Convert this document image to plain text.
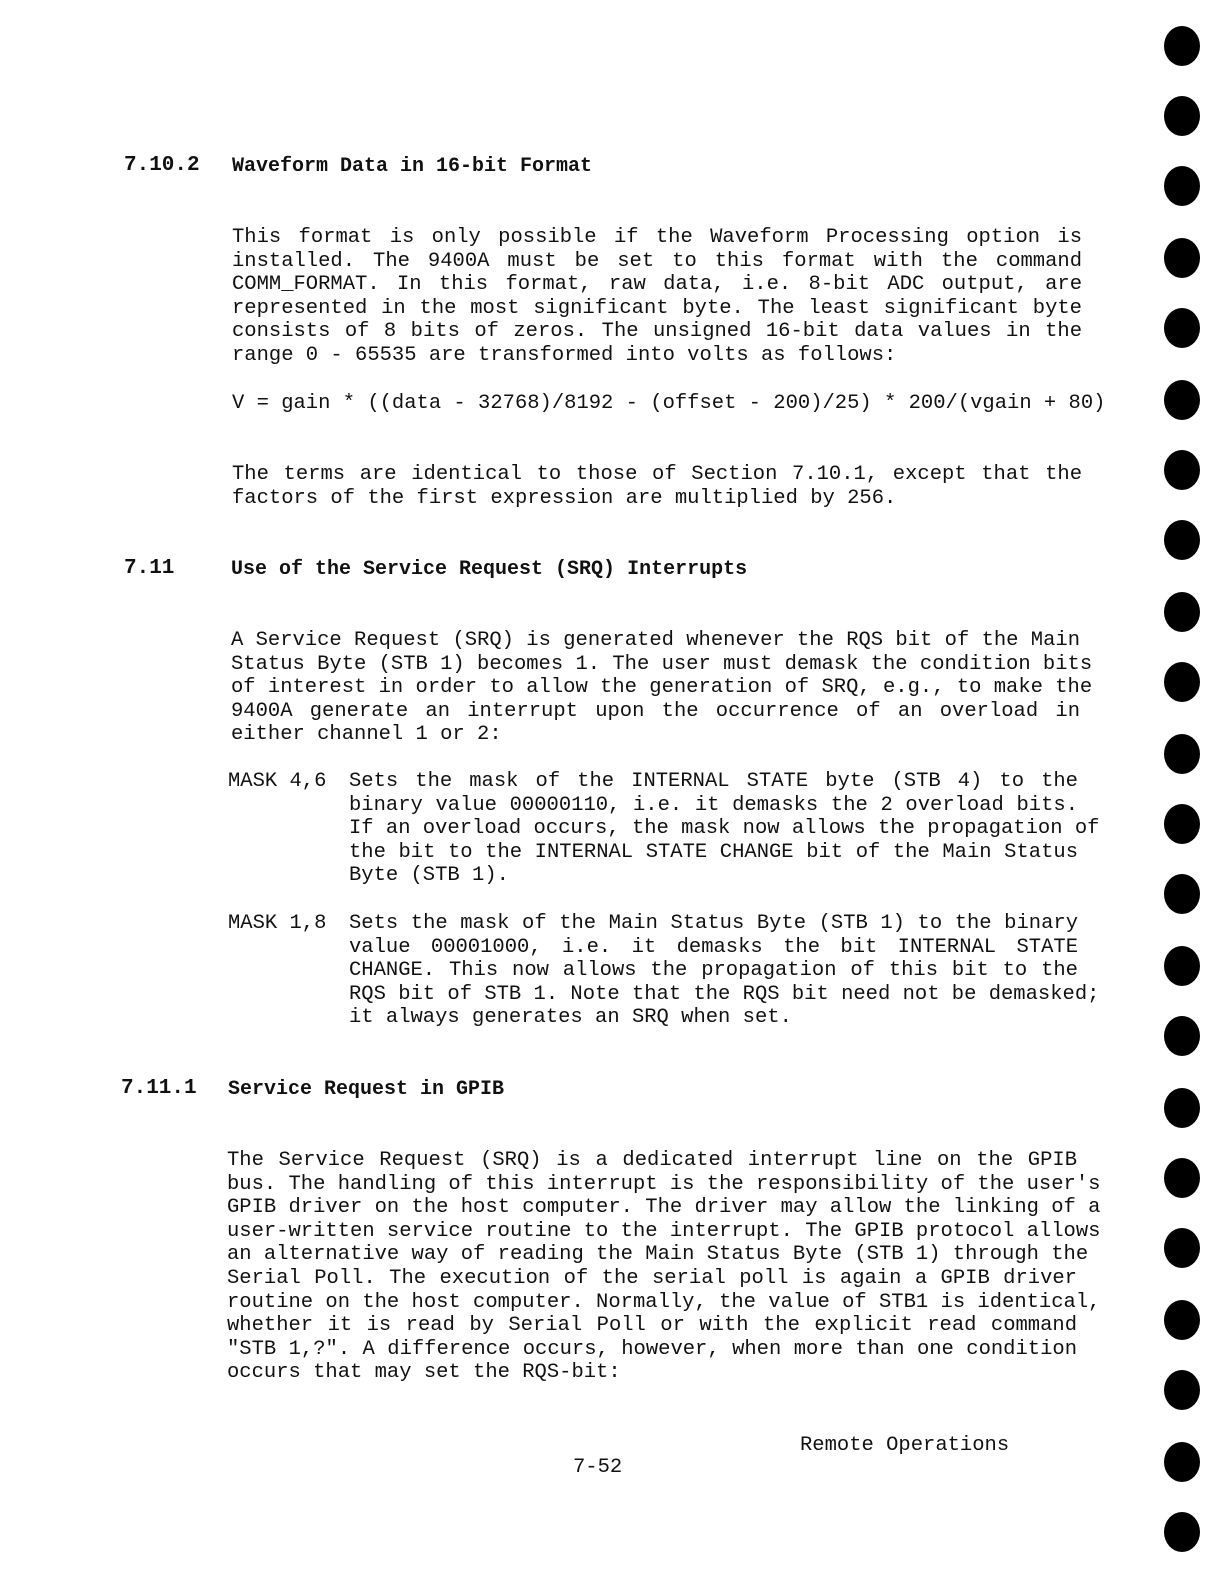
7.10.2 Waveform Data in 16-bit Format
This format is only possible if the Waveform Processing option is
installed. The 9400A must be set to this format with the command
COMM_FORMAT. In this format, raw data, i.e. 8-bit ADC output, are
represented in the most significant byte. The least significant byte
consists of 8 bits of zeros. The unsigned 16-bit data values in the
range 0 - 65535 are transformed into volts as follows:
V = gain * ((data - 32768)/8192 - (offset - 200)/25) * 200/(vgain + 80)
The terms are identical to those of Section 7.10.1, except that the
factors of the first expression are multiplied by 256.
7.11	Use of the Service Request (SRQ) Interrupts
A Service Request (SRQ) is generated whenever the RQS bit of the Main
Status Byte (STB 1) becomes 1. The user must demask the condition bits
of interest in order to allow the generation of SRQ, e.g., to make the
9400A generate an interrupt upon the occurrence of an overload in
either channel 1 or 2:
MASK 4,6 Sets the mask of the INTERNAL STATE byte (STB 4) to the
binary value 00000110, i.e. it demasks the 2 overload bits.
If an overload occurs, the mask now allows the propagation of
the bit to the INTERNAL STATE CHANGE bit of the Main Status
Byte (STB 1).
MASK 1,8 Sets the mask of the Main Status Byte (STB 1) to the binary
value 00001000, i.e. it demasks the bit INTERNAL STATE
CHANGE. This now allows the propagation of this bit to the
RQS bit of STB 1. Note that the RQS bit need not be demasked;
it always generates an SRQ when set.
7.11.1 Service Request in GPIB
The Service Request (SRQ) is a dedicated interrupt line on the GPIB
bus. The handling of this interrupt is the responsibility of the user's
GPIB driver on the host computer. The driver may allow the linking of a
user-written service routine to the interrupt. The GPIB protocol allows
an alternative way of reading the Main Status Byte (STB 1) through the
Serial Poll. The execution of the serial poll is again a GPIB driver
routine on the host computer. Normally, the value of STB1 is identical,
whether it is read by Serial Poll or with the explicit read command
"STB 1,?". A difference occurs, however, when more than one condition
occurs that may set the RQS-bit:
Remote Operations
7-52
